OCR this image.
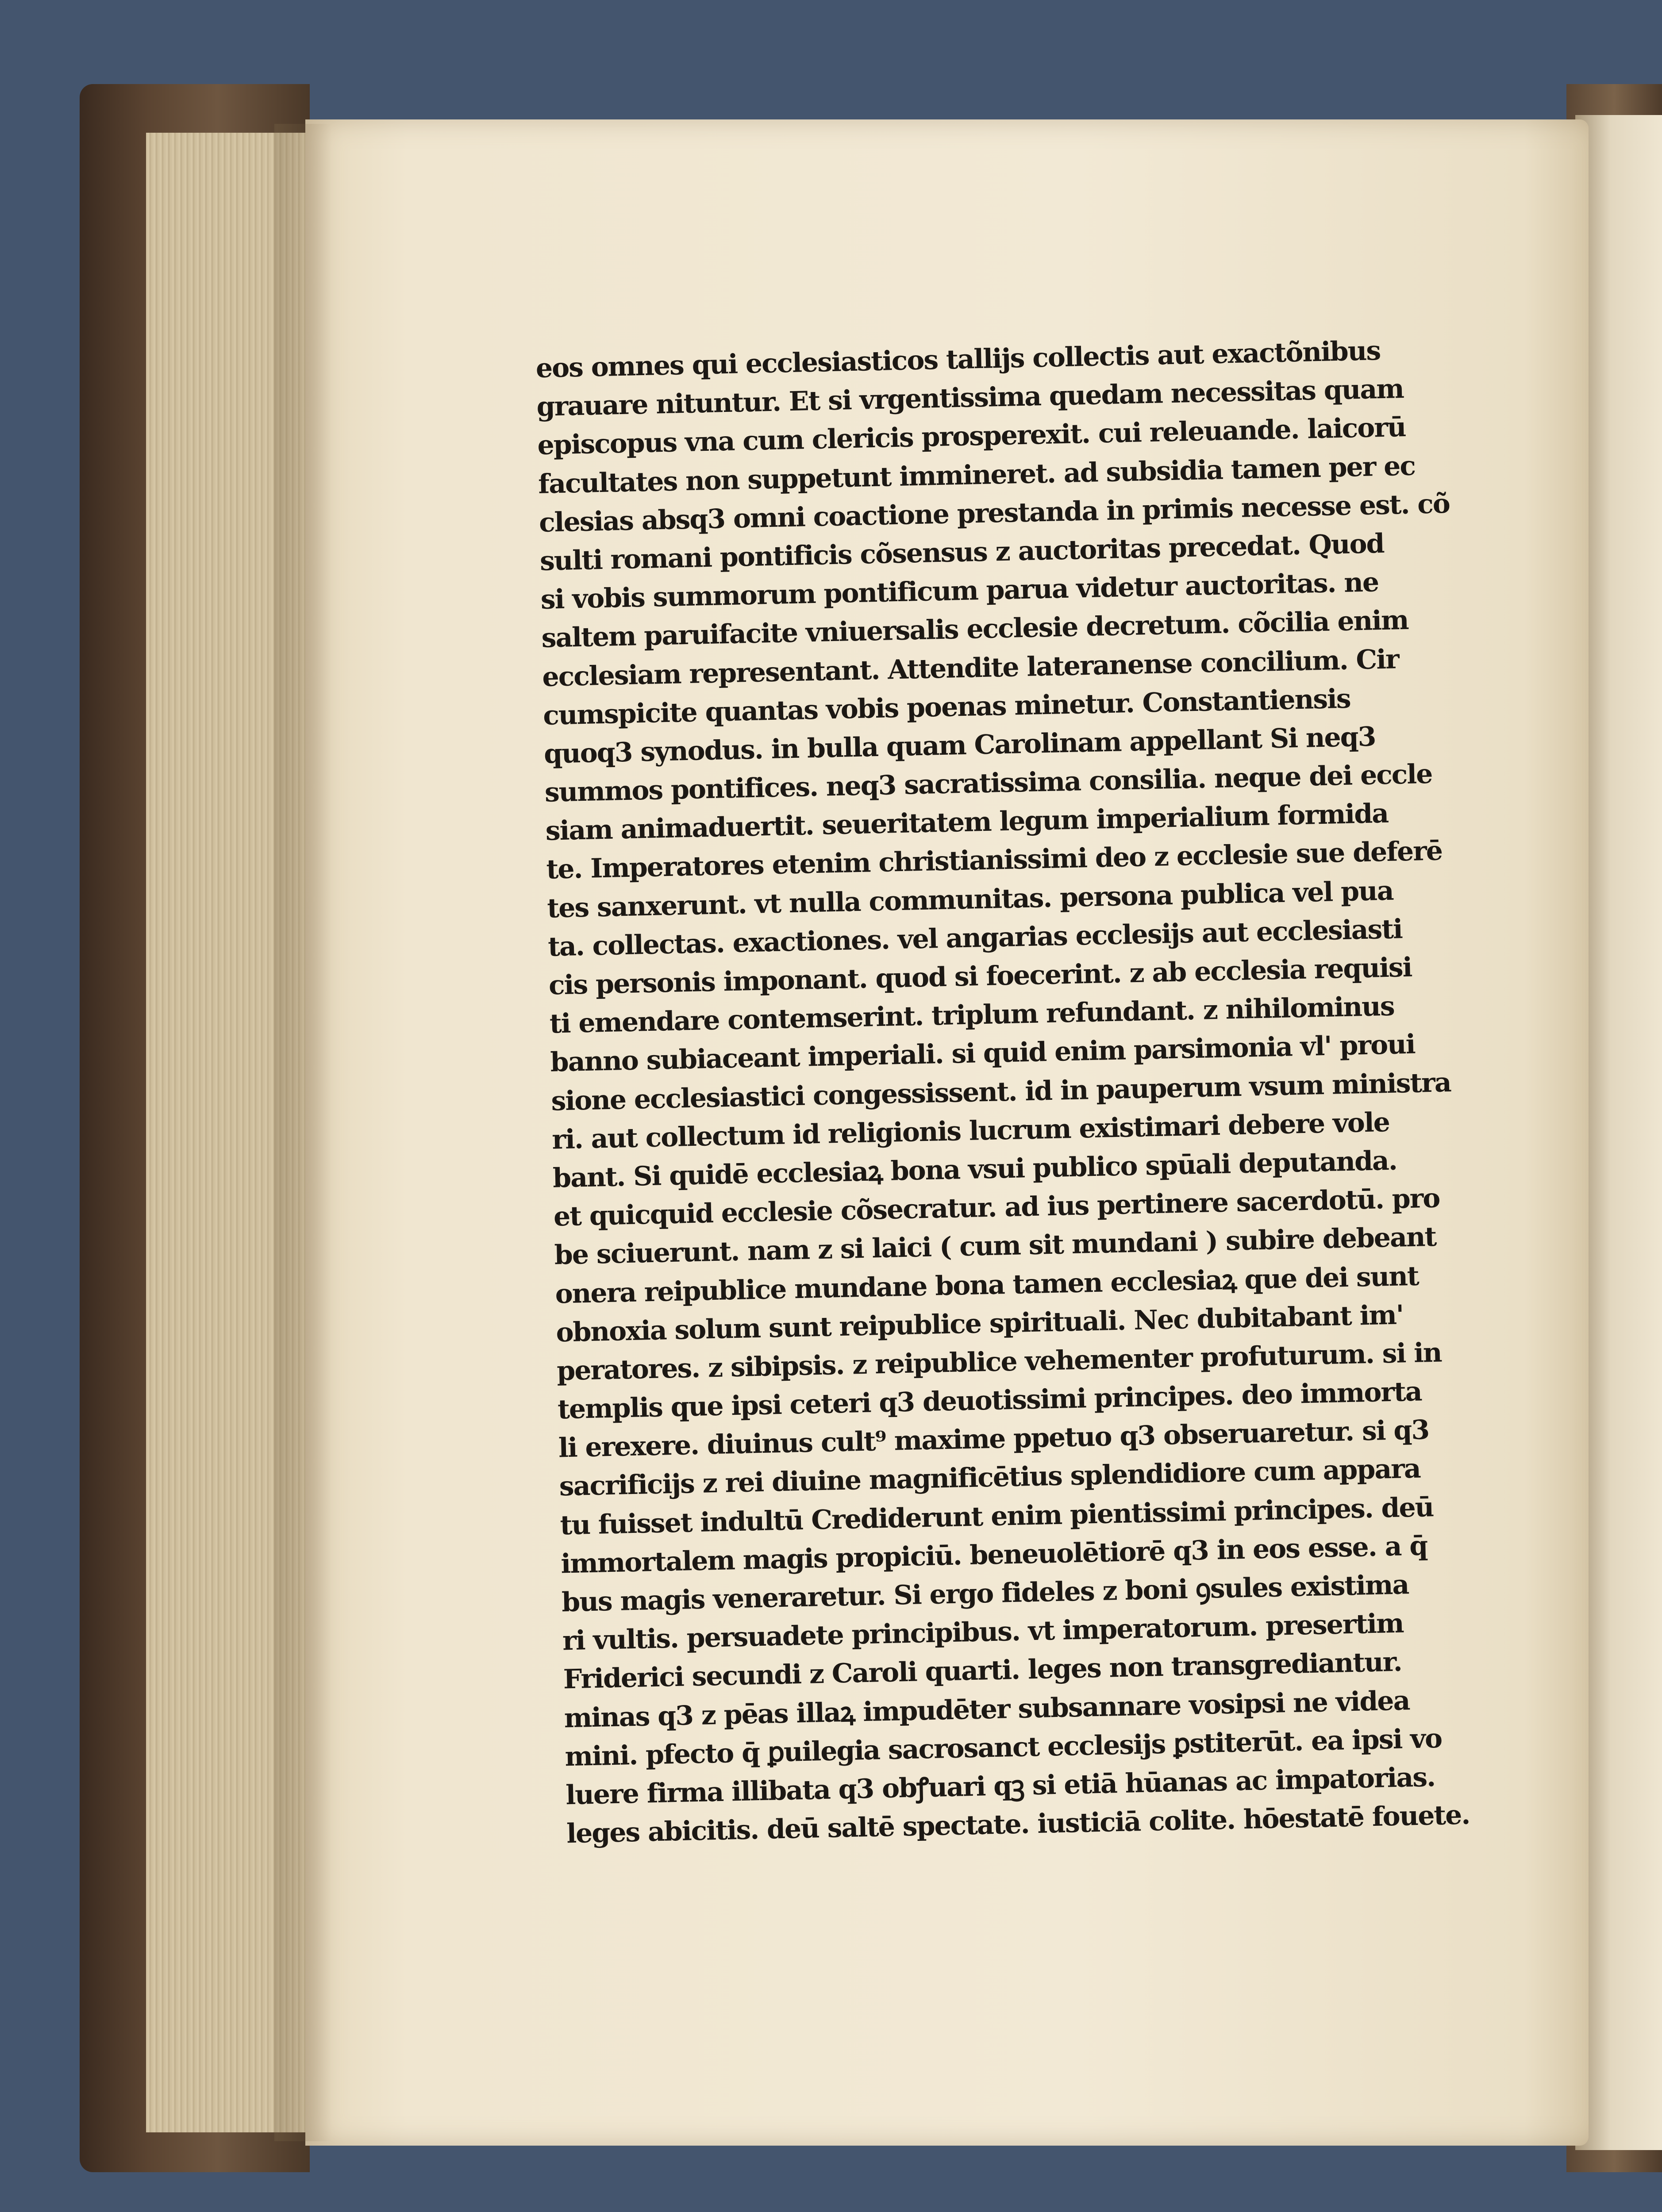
eos omnes qui ecclesiasticos tallijs collectis aut exactõnibus
grauare nituntur. Et si vrgentissima quedam necessitas quam
episcopus vna cum clericis prosperexit. cui releuande. laicorū
facultates non suppetunt immineret. ad subsidia tamen per ec
clesias absq3 omni coactione prestanda in primis necesse est. cõ
sulti romani pontificis cõsensus z auctoritas precedat. Quod
si vobis summorum pontificum parua videtur auctoritas. ne
saltem paruifacite vniuersalis ecclesie decretum. cõcilia enim
ecclesiam representant. Attendite lateranense concilium. Cir
cumspicite quantas vobis poenas minetur. Constantiensis
quoq3 synodus. in bulla quam Carolinam appellant Si neq3
summos pontifices. neq3 sacratissima consilia. neque dei eccle
siam animaduertit. seueritatem legum imperialium formida
te. Imperatores etenim christianissimi deo z ecclesie sue deferē
tes sanxerunt. vt nulla communitas. persona publica vel pua
ta. collectas. exactiones. vel angarias ecclesijs aut ecclesiasti
cis personis imponant. quod si foecerint. z ab ecclesia requisi
ti emendare contemserint. triplum refundant. z nihilominus
banno subiaceant imperiali. si quid enim parsimonia vl' proui
sione ecclesiastici congessissent. id in pauperum vsum ministra
ri. aut collectum id religionis lucrum existimari debere vole
bant. Si quidē ecclesiaꝝ bona vsui publico spūali deputanda.
et quicquid ecclesie cõsecratur. ad ius pertinere sacerdotū. pro
be sciuerunt. nam z si laici ( cum sit mundani ) subire debeant
onera reipublice mundane bona tamen ecclesiaꝝ que dei sunt
obnoxia solum sunt reipublice spirituali. Nec dubitabant im'
peratores. z sibipsis. z reipublice vehementer profuturum. si in
templis que ipsi ceteri q3 deuotissimi principes. deo immorta
li erexere. diuinus cult⁹ maxime ppetuo q3 obseruaretur. si q3
sacrificijs z rei diuine magnificētius splendidiore cum appara
tu fuisset indultū Crediderunt enim pientissimi principes. deū
immortalem magis propiciū. beneuolētiorē q3 in eos esse. a q̄
bus magis veneraretur. Si ergo fideles z boni ꝯsules existima
ri vultis. persuadete principibus. vt imperatorum. presertim
Friderici secundi z Caroli quarti. leges non transgrediantur.
minas q3 z pēas illaꝝ impudēter subsannare vosipsi ne videa
mini. pfecto q̄ ꝑuilegia sacrosanct ecclesijs ꝑstiterūt. ea ipsi vo
luere firma illibata q3 obꝭuari qꝫ si etiā hūanas ac impatorias.
leges abicitis. deū saltē spectate. iusticiā colite. hōestatē fouete.
